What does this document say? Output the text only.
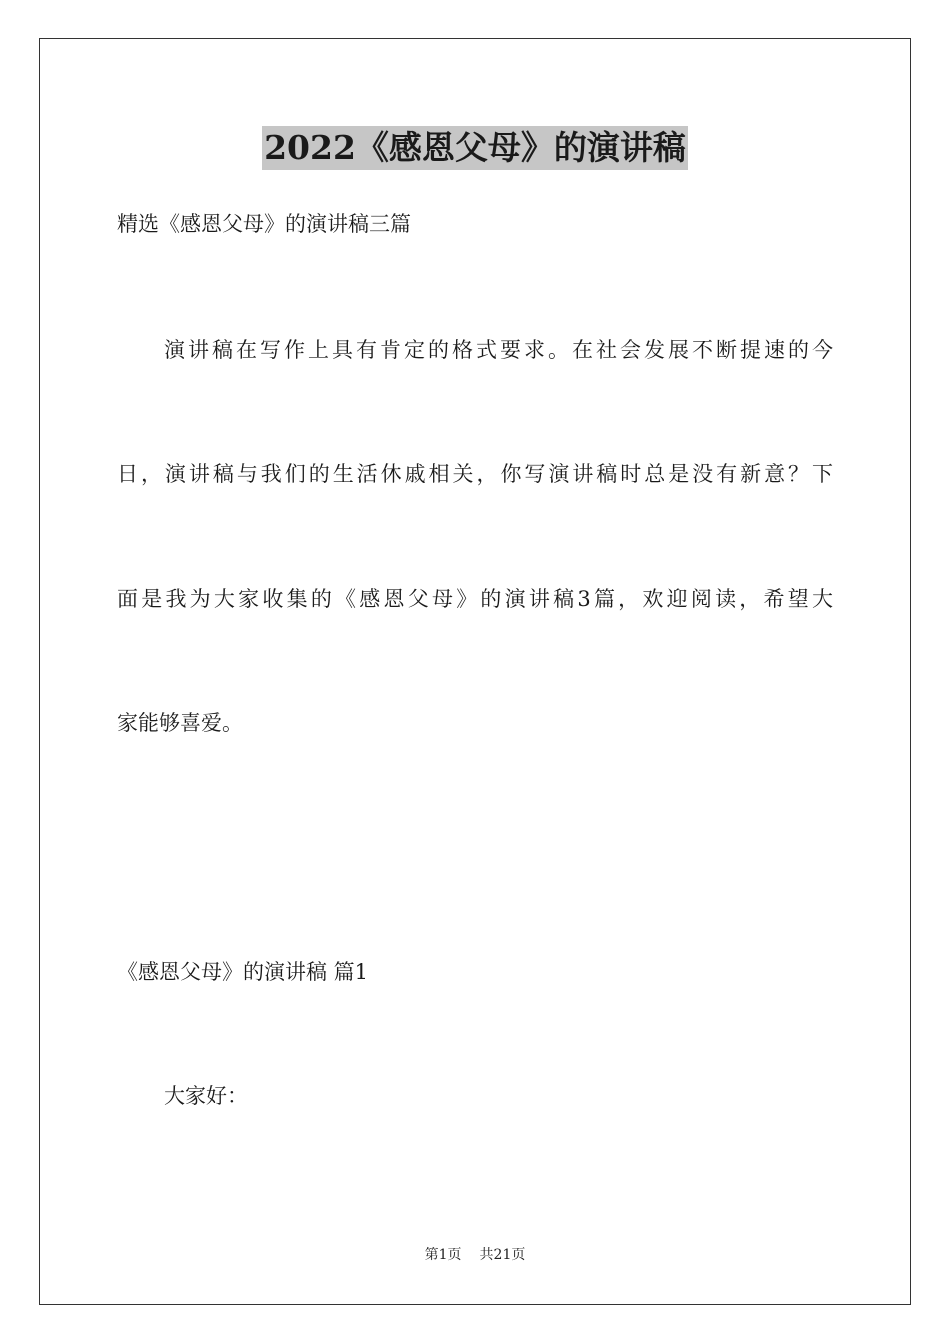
2022《感恩父母》的演讲稿
精选《感恩父母》的演讲稿三篇
演讲稿在写作上具有肯定的格式要求。在社会发展不断提速的今
日，演讲稿与我们的生活休戚相关，你写演讲稿时总是没有新意？下
面是我为大家收集的《感恩父母》的演讲稿3篇，欢迎阅读，希望大
家能够喜爱。
《感恩父母》的演讲稿 篇1
大家好：
第1页 共21页
